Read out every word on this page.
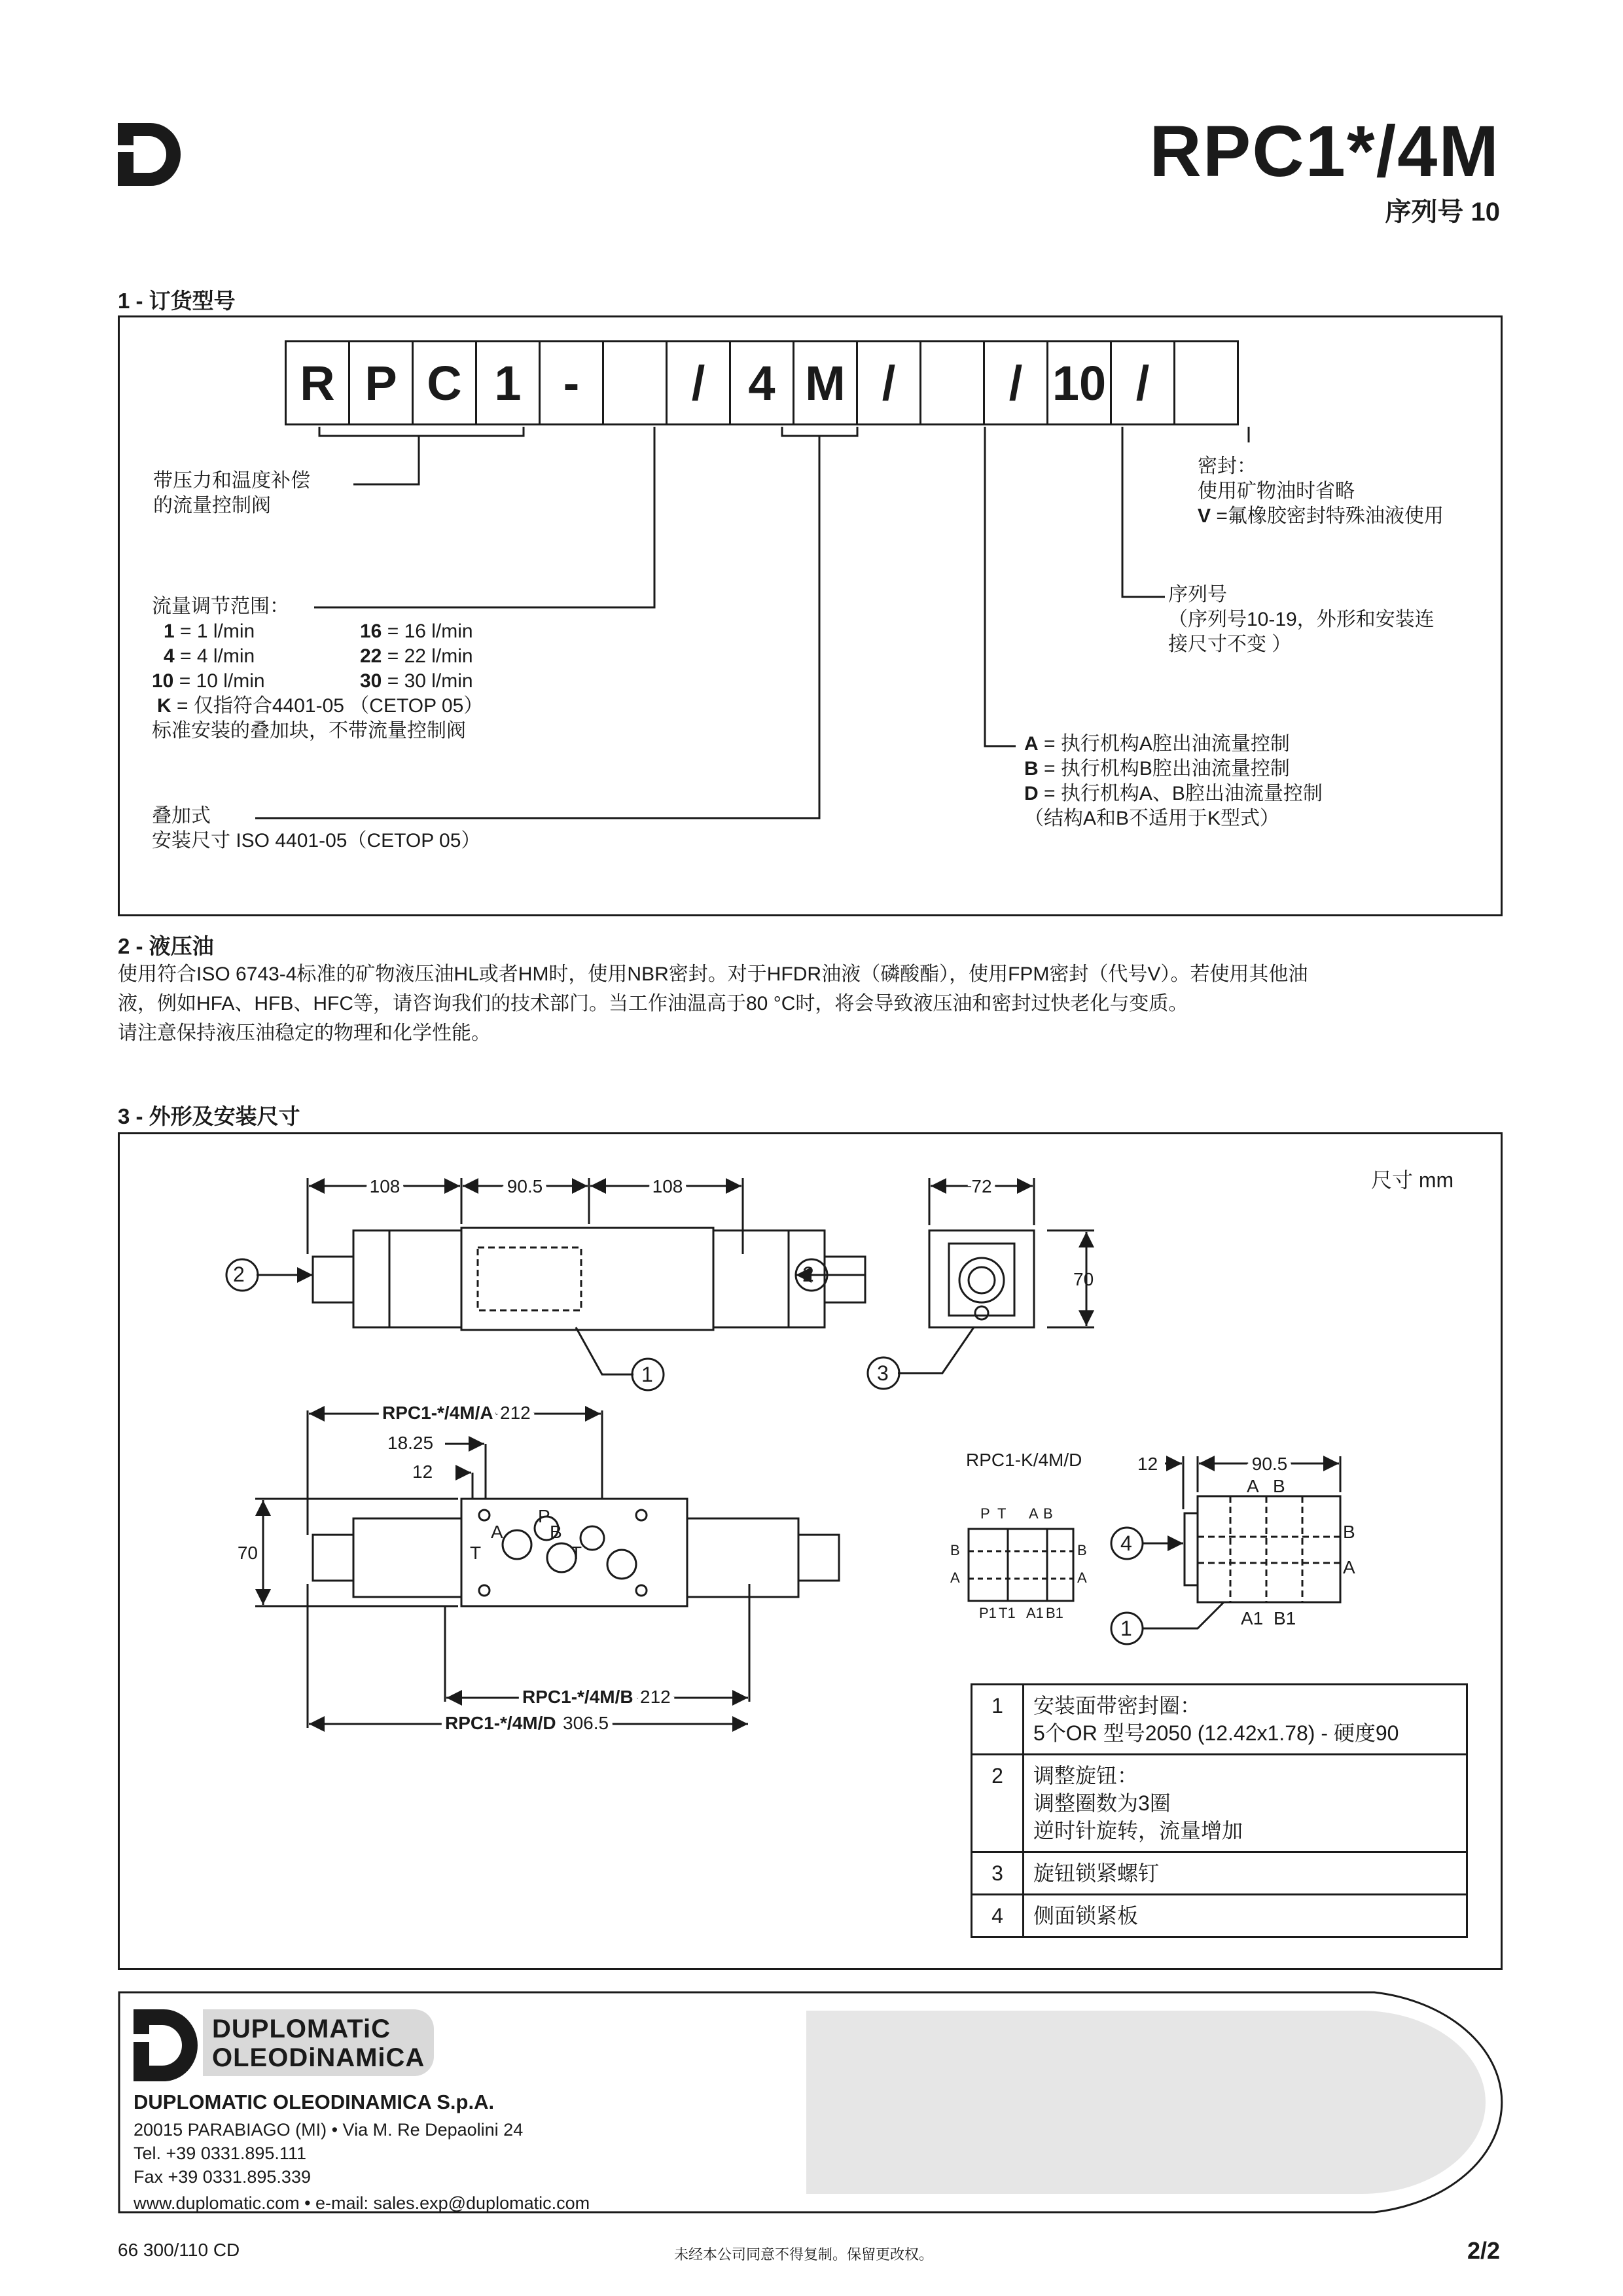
RPC1*/4M
序列号 10
1 - 订货型号
R P C 1 -	/ 4 M /	/ 10 /
带压力和温度补偿
的流量控制阀
流量调节范围：
1 = 1 l/min	16 = 16 l/min
4 = 4 l/min	22 = 22 l/min
10 = 10 l/min	30 = 30 l/min
K = 仅指符合4401-05 （CETOP 05）
标准安装的叠加块，不带流量控制阀
叠加式
安装尺寸 ISO 4401-05（CETOP 05）
密封：
使用矿物油时省略
V =氟橡胶密封特殊油液使用
序列号
（序列号10-19，外形和安装连
接尺寸不变 ）
A = 执行机构A腔出油流量控制
B = 执行机构B腔出油流量控制
D = 执行机构A、B腔出油流量控制
（结构A和B不适用于K型式）
2 - 液压油
使用符合ISO 6743-4标准的矿物液压油HL或者HM时，使用NBR密封。对于HFDR油液（磷酸酯），使用FPM密封（代号V）。若使用其他油
液，例如HFA、HFB、HFC等，请咨询我们的技术部门。当工作油温高于80 °C时，将会导致液压油和密封过快老化与变质。
请注意保持液压油稳定的物理和化学性能。
3 - 外形及安装尺寸
尺寸 mm
108	90.5	108	72
70
2	2
1	3
RPC1-*/4M/A 212
18.25
12
70
P
A	B
T	T
RPC1-*/4M/B 212
RPC1-*/4M/D 306.5
RPC1-K/4M/D	12	90.5
4
1
A B
B
A
A1 B1
P T A B
B
A
B
A
P1 T1 A1 B1
1	安装面带密封圈：
5个OR 型号2050 (12.42x1.78) - 硬度90

2	调整旋钮：
调整圈数为3圈
逆时针旋转，流量增加

3	旋钮锁紧螺钉

4	侧面锁紧板
DUPLOMATiC
OLEODiNAMiCA
DUPLOMATIC OLEODINAMICA S.p.A.
20015 PARABIAGO (MI) • Via M. Re Depaolini 24
Tel. +39 0331.895.111
Fax +39 0331.895.339
www.duplomatic.com • e-mail: sales.exp@duplomatic.com
66 300/110 CD	未经本公司同意不得复制。保留更改权。	2/2
